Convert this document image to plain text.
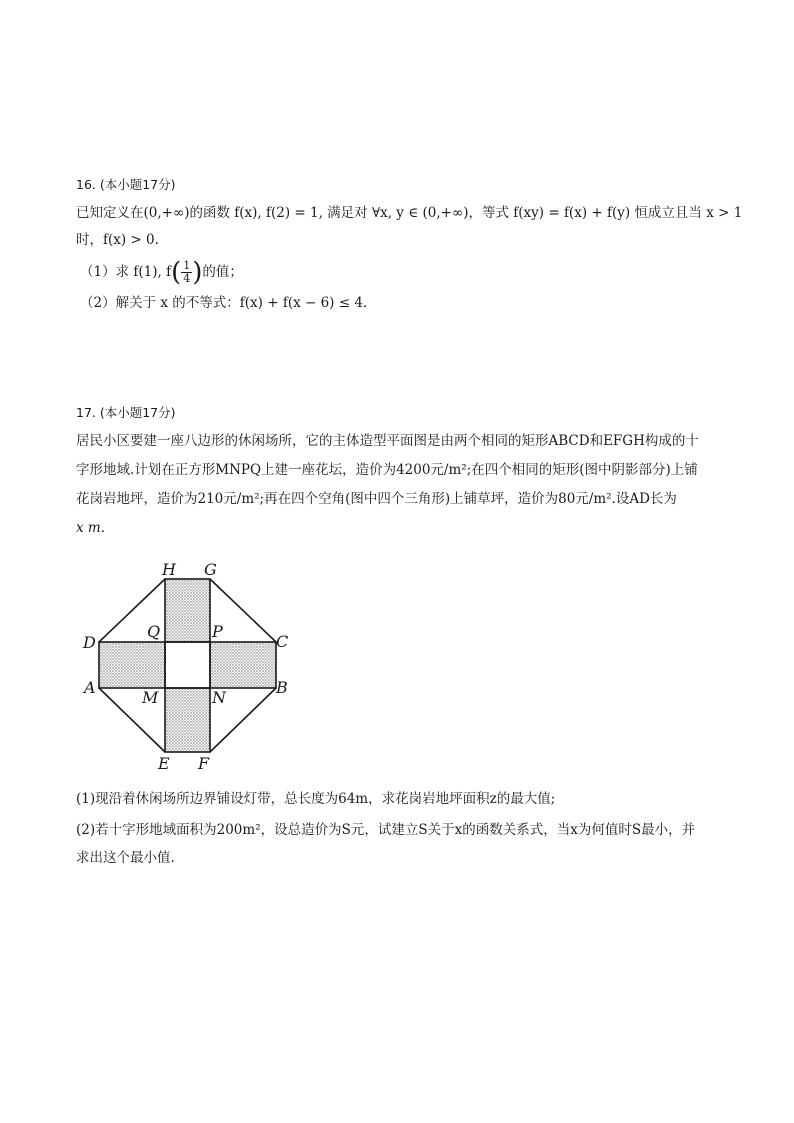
16. (本小题17分)
已知定义在(0,+∞)的函数 f(x), f(2) = 1, 满足对 ∀x, y ∈ (0,+∞)，等式 f(xy) = f(x) + f(y) 恒成立且当 x > 1
时，f(x) > 0.
（1）求 f(1), $f( \frac{1}{4}$ )的值；
（2）解关于 x 的不等式：f(x) + f(x − 6) ≤ 4.
17. (本小题17分)
居民小区要建一座八边形的休闲场所，它的主体造型平面图是由两个相同的矩形ABCD和EFGH构成的十
字形地域.计划在正方形MNPQ上建一座花坛，造价为4200元/m²;在四个相同的矩形(图中阴影部分)上铺
花岗岩地坪，造价为210元/m²;再在四个空角(图中四个三角形)上铺草坪，造价为80元/m².设AD长为
x m.
H G
D
Q	P
C
A
M	N
B
E F
(1)现沿着休闲场所边界铺设灯带，总长度为64m，求花岗岩地坪面积z的最大值;
(2)若十字形地域面积为200m²，设总造价为S元，试建立S关于x的函数关系式，当x为何值时S最小，并
求出这个最小值.
